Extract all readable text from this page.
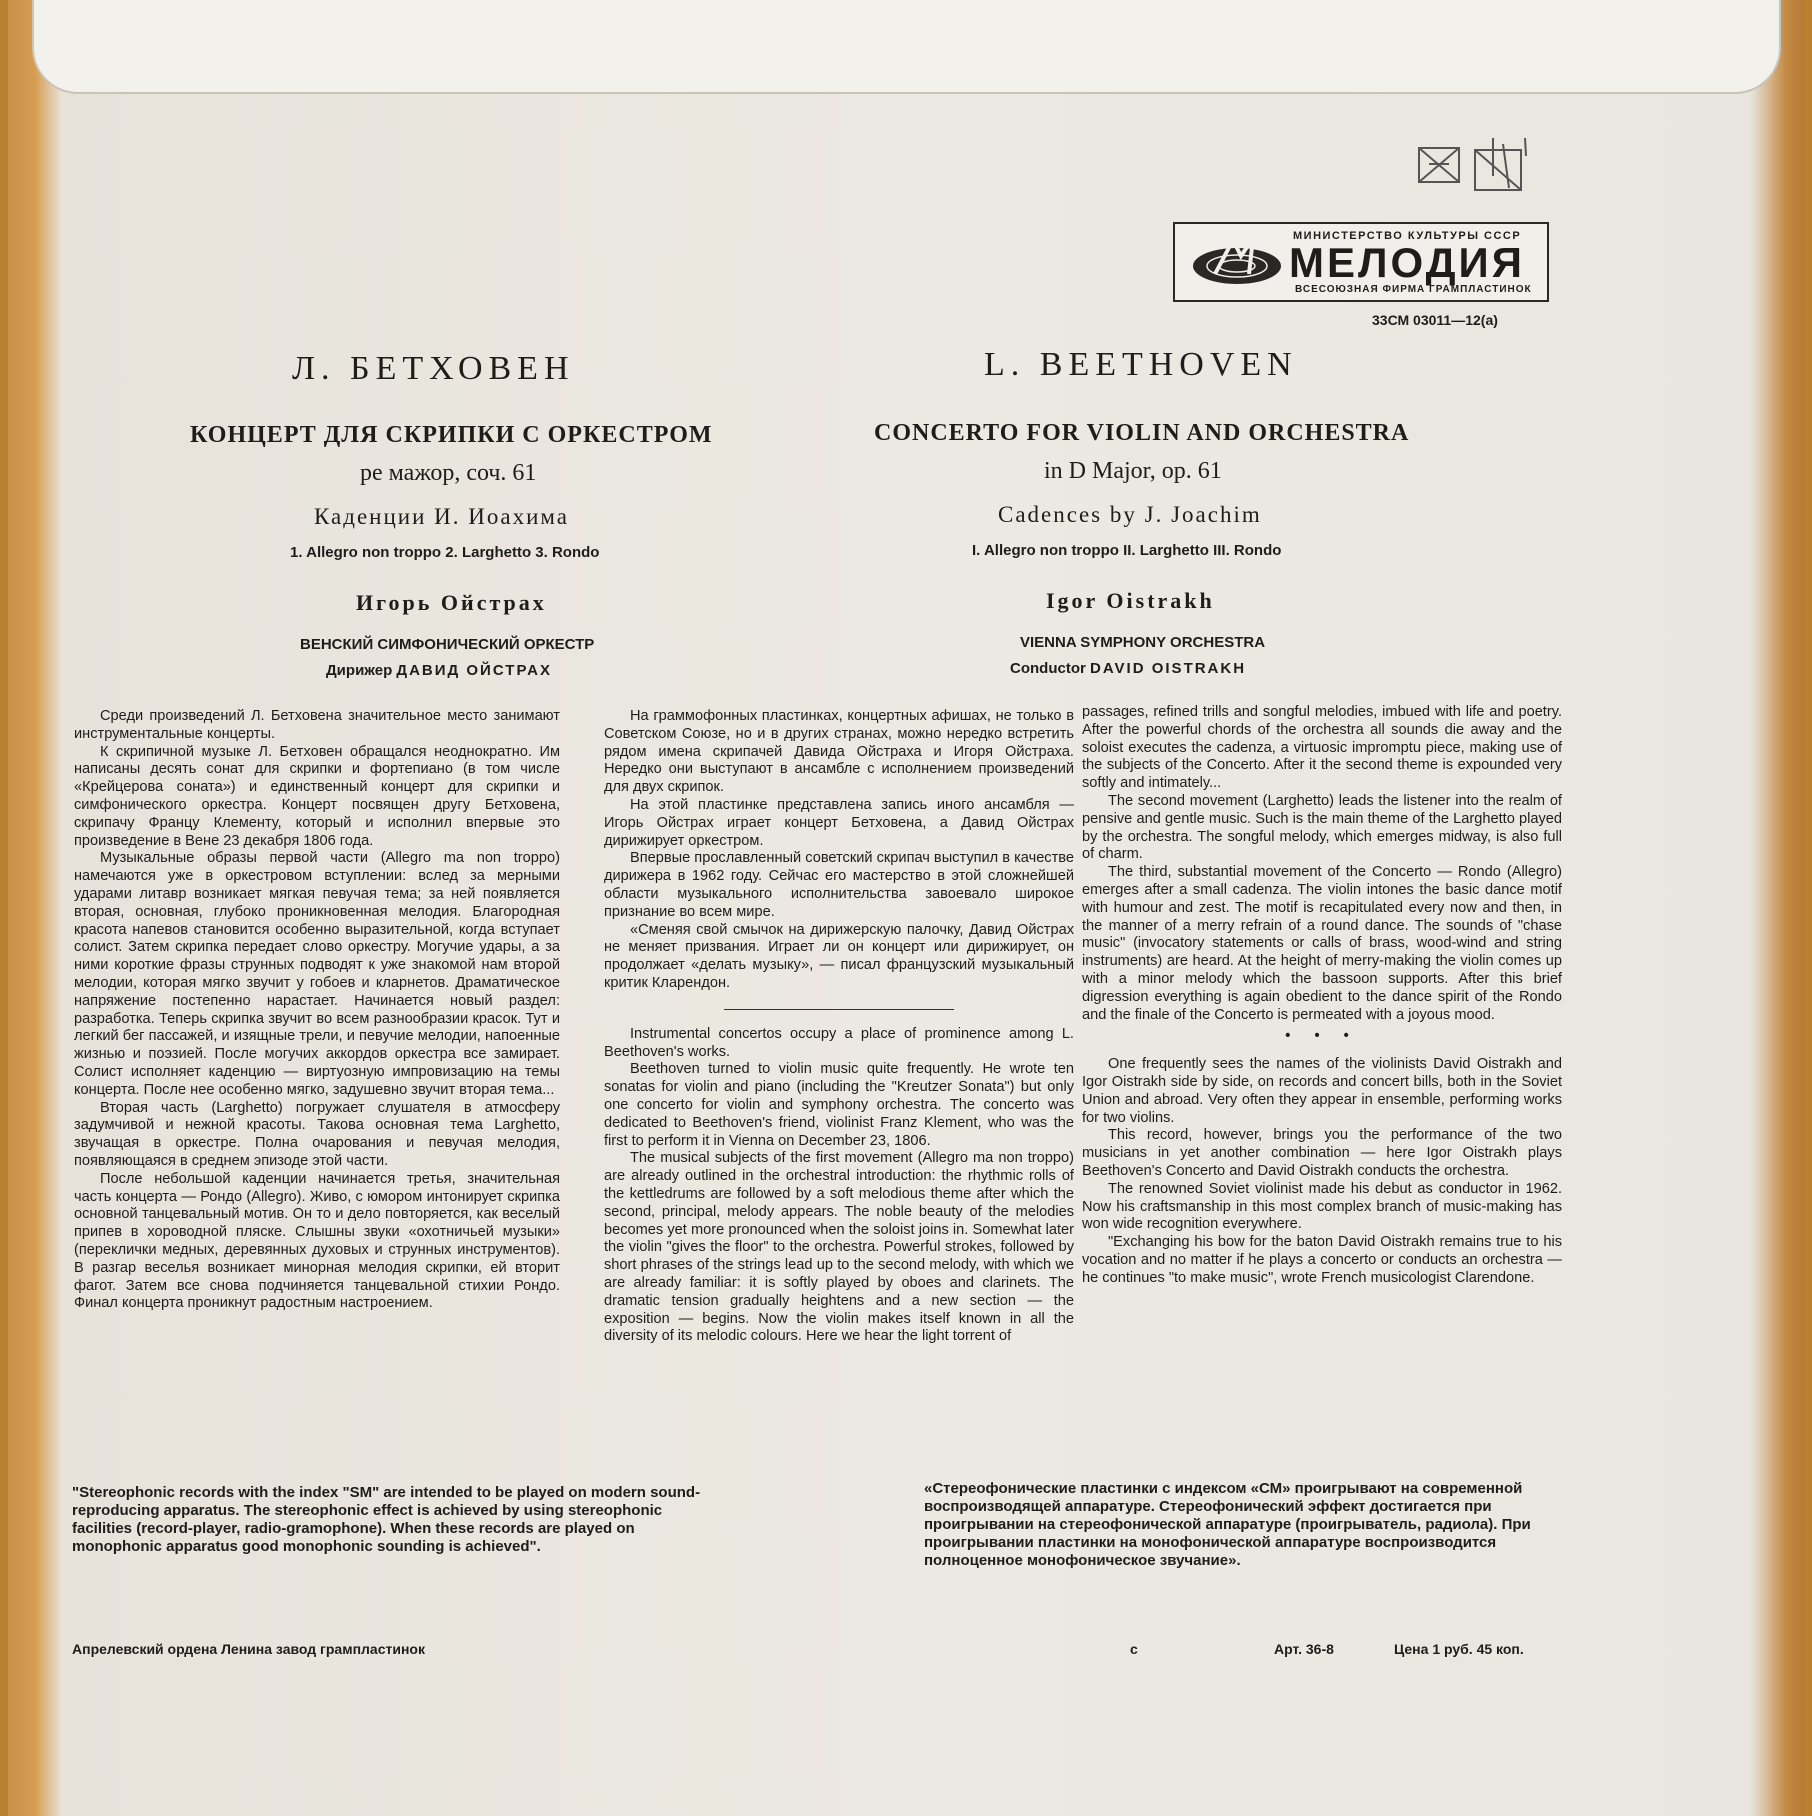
МИНИСТЕРСТВО КУЛЬТУРЫ СССР
МЕЛОДИЯ
ВСЕСОЮЗНАЯ ФИРМА ГРАМПЛАСТИНОК
33СМ 03011—12(а)
Л. БЕТХОВЕН
КОНЦЕРТ ДЛЯ СКРИПКИ С ОРКЕСТРОМ
ре мажор, соч. 61
Каденции И. Иоахима
1. Allegro non troppo 2. Larghetto 3. Rondo
Игорь Ойстрах
ВЕНСКИЙ СИМФОНИЧЕСКИЙ ОРКЕСТР
Дирижер ДАВИД ОЙСТРАХ
L. BEETHOVEN
CONCERTO FOR VIOLIN AND ORCHESTRA
in D Major, op. 61
Cadences by J. Joachim
I. Allegro non troppo II. Larghetto III. Rondo
Igor Oistrakh
VIENNA SYMPHONY ORCHESTRA
Conductor DAVID OISTRAKH

Среди произведений Л. Бетховена значительное место занимают инструментальные концерты.

К скрипичной музыке Л. Бетховен обращался неоднократно. Им написаны десять сонат для скрипки и фортепиано (в том числе «Крейцерова соната») и единственный концерт для скрипки и симфонического оркестра. Концерт посвящен другу Бетховена, скрипачу Францу Клементу, который и исполнил впервые это произведение в Вене 23 декабря 1806 года.

Музыкальные образы первой части (Allegro ma non troppo) намечаются уже в оркестровом вступлении: вслед за мерными ударами литавр возникает мягкая певучая тема; за ней появляется вторая, основная, глубоко проникновенная мелодия. Благородная красота напевов становится особенно выразительной, когда вступает солист. Затем скрипка передает слово оркестру. Могучие удары, а за ними короткие фразы струнных подводят к уже знакомой нам второй мелодии, которая мягко звучит у гобоев и кларнетов. Драматическое напряжение постепенно нарастает. Начинается новый раздел: разработка. Теперь скрипка звучит во всем разнообразии красок. Тут и легкий бег пассажей, и изящные трели, и певучие мелодии, напоенные жизнью и поэзией. После могучих аккордов оркестра все замирает. Солист исполняет каденцию — виртуозную импровизацию на темы концерта. После нее особенно мягко, задушевно звучит вторая тема...

Вторая часть (Larghetto) погружает слушателя в атмосферу задумчивой и нежной красоты. Такова основная тема Larghetto, звучащая в оркестре. Полна очарования и певучая мелодия, появляющаяся в среднем эпизоде этой части.

После небольшой каденции начинается третья, значительная часть концерта — Рондо (Allegro). Живо, с юмором интонирует скрипка основной танцевальный мотив. Он то и дело повторяется, как веселый припев в хороводной пляске. Слышны звуки «охотничьей музыки» (переклички медных, деревянных духовых и струнных инструментов). В разгар веселья возникает минорная мелодия скрипки, ей вторит фагот. Затем все снова подчиняется танцевальной стихии Рондо. Финал концерта проникнут радостным настроением.

На граммофонных пластинках, концертных афишах, не только в Советском Союзе, но и в других странах, можно нередко встретить рядом имена скрипачей Давида Ойстраха и Игоря Ойстраха. Нередко они выступают в ансамбле с исполнением произведений для двух скрипок.

На этой пластинке представлена запись иного ансамбля — Игорь Ойстрах играет концерт Бетховена, а Давид Ойстрах дирижирует оркестром.

Впервые прославленный советский скрипач выступил в качестве дирижера в 1962 году. Сейчас его мастерство в этой сложнейшей области музыкального исполнительства завоевало широкое признание во всем мире.

«Сменяя свой смычок на дирижерскую палочку, Давид Ойстрах не меняет призвания. Играет ли он концерт или дирижирует, он продолжает «делать музыку», — писал французский музыкальный критик Кларендон.

Instrumental concertos occupy a place of prominence among L. Beethoven's works.

Beethoven turned to violin music quite frequently. He wrote ten sonatas for violin and piano (including the "Kreutzer Sonata") but only one concerto for violin and symphony orchestra. The concerto was dedicated to Beethoven's friend, violinist Franz Klement, who was the first to perform it in Vienna on December 23, 1806.

The musical subjects of the first movement (Allegro ma non troppo) are already outlined in the orchestral introduction: the rhythmic rolls of the kettledrums are followed by a soft melodious theme after which the second, principal, melody appears. The noble beauty of the melodies becomes yet more pronounced when the soloist joins in. Somewhat later the violin "gives the floor" to the orchestra. Powerful strokes, followed by short phrases of the strings lead up to the second melody, with which we are already familiar: it is softly played by oboes and clarinets. The dramatic tension gradually heightens and a new section — the exposition — begins. Now the violin makes itself known in all the diversity of its melodic colours. Here we hear the light torrent of

passages, refined trills and songful melodies, imbued with life and poetry. After the powerful chords of the orchestra all sounds die away and the soloist executes the cadenza, a virtuosic impromptu piece, making use of the subjects of the Concerto. After it the second theme is expounded very softly and intimately...

The second movement (Larghetto) leads the listener into the realm of pensive and gentle music. Such is the main theme of the Larghetto played by the orchestra. The songful melody, which emerges midway, is also full of charm.

The third, substantial movement of the Concerto — Rondo (Allegro) emerges after a small cadenza. The violin intones the basic dance motif with humour and zest. The motif is recapitulated every now and then, in the manner of a merry refrain of a round dance. The sounds of "chase music" (invocatory statements or calls of brass, wood-wind and string instruments) are heard. At the height of merry-making the violin comes up with a minor melody which the bassoon supports. After this brief digression everything is again obedient to the dance spirit of the Rondo and the finale of the Concerto is permeated with a joyous mood.

• • •

One frequently sees the names of the violinists David Oistrakh and Igor Oistrakh side by side, on records and concert bills, both in the Soviet Union and abroad. Very often they appear in ensemble, performing works for two violins.

This record, however, brings you the performance of the two musicians in yet another combination — here Igor Oistrakh plays Beethoven's Concerto and David Oistrakh conducts the orchestra.

The renowned Soviet violinist made his debut as conductor in 1962. Now his craftsmanship in this most complex branch of music-making has won wide recognition everywhere.

"Exchanging his bow for the baton David Oistrakh remains true to his vocation and no matter if he plays a concerto or conducts an orchestra — he continues "to make music", wrote French musicologist Clarendone.

"Stereophonic records with the index "SM" are intended to be played on modern sound-reproducing apparatus. The stereophonic effect is achieved by using stereophonic facilities (record-player, radio-gramophone). When these records are played on monophonic apparatus good monophonic sounding is achieved".
«Стереофонические пластинки с индексом «СМ» проигрывают на современной воспроизводящей аппаратуре. Стереофонический эффект достигается при проигрывании на стереофонической аппаратуре (проигрыватель, радиола). При проигрывании пластинки на монофонической аппаратуре воспроизводится полноценное монофоническое звучание».
Апрелевский ордена Ленина завод грампластинок	с	Арт. 36-8	Цена 1 руб. 45 коп.
